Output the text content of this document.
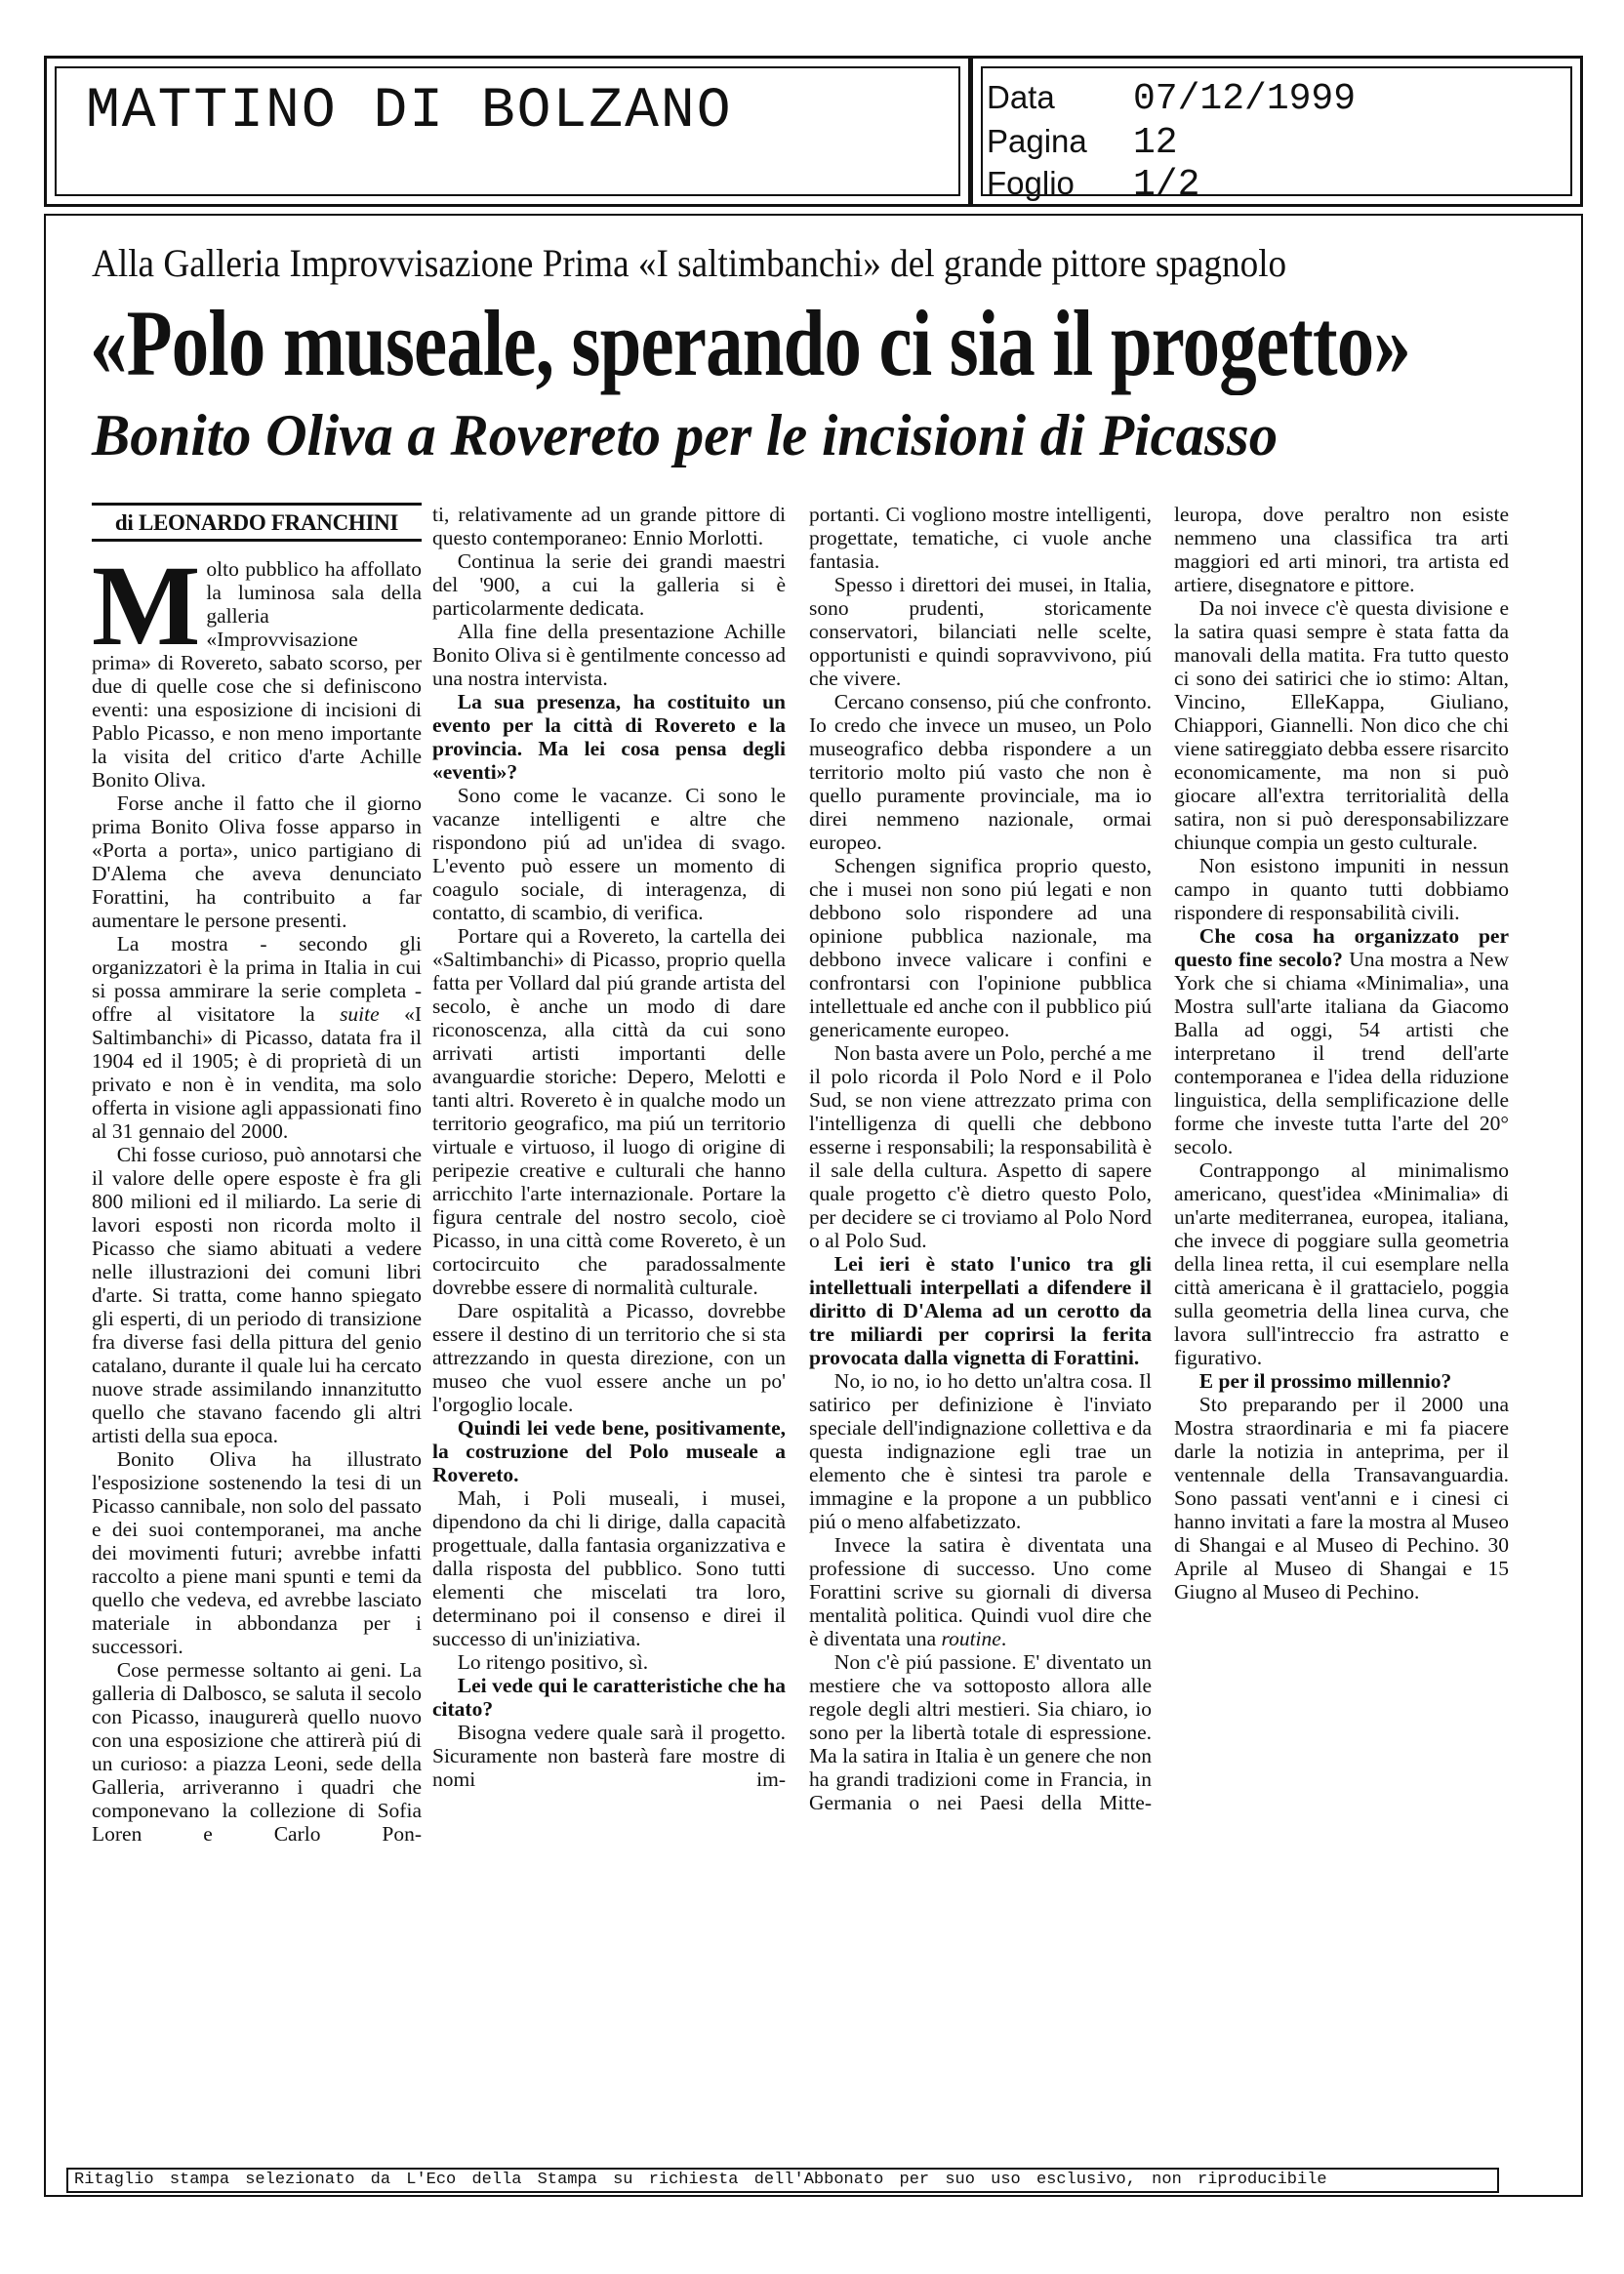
MATTINO DI BOLZANO	Data 07/12/1999
Pagina 12
Foglio 1/2
Alla Galleria Improvvisazione Prima «I saltimbanchi» del grande pittore spagnolo
«Polo museale, sperando ci sia il progetto»
Bonito Oliva a Rovereto per le incisioni di Picasso
di LEONARDO FRANCHINI
M olto pubblico ha affollato la luminosa sala della galleria «Improvvisazione prima» di Rovereto, sabato scorso, per due di quelle cose che si definiscono eventi: una esposizione di incisioni di Pablo Picasso, e non meno importante la visita del critico d'arte Achille Bonito Oliva.

Forse anche il fatto che il giorno prima Bonito Oliva fosse apparso in «Porta a porta», unico partigiano di D'Alema che aveva denunciato Forattini, ha contribuito a far aumentare le persone presenti.

La mostra - secondo gli organizzatori è la prima in Italia in cui si possa ammirare la serie completa - offre al visitatore la suite «I Saltimbanchi» di Picasso, datata fra il 1904 ed il 1905; è di proprietà di un privato e non è in vendita, ma solo offerta in visione agli appassionati fino al 31 gennaio del 2000.

Chi fosse curioso, può annotarsi che il valore delle opere esposte è fra gli 800 milioni ed il miliardo. La serie di lavori esposti non ricorda molto il Picasso che siamo abituati a vedere nelle illustrazioni dei comuni libri d'arte. Si tratta, come hanno spiegato gli esperti, di un periodo di transizione fra diverse fasi della pittura del genio catalano, durante il quale lui ha cercato nuove strade assimilando innanzitutto quello che stavano facendo gli altri artisti della sua epoca.

Bonito Oliva ha illustrato l'esposizione sostenendo la tesi di un Picasso cannibale, non solo del passato e dei suoi contemporanei, ma anche dei movimenti futuri; avrebbe infatti raccolto a piene mani spunti e temi da quello che vedeva, ed avrebbe lasciato materiale in abbondanza per i successori.

Cose permesse soltanto ai geni. La galleria di Dalbosco, se saluta il secolo con Picasso, inaugurerà quello nuovo con una esposizione che attirerà piú di un curioso: a piazza Leoni, sede della Galleria, arriveranno i quadri che componevano la collezione di Sofia Loren e Carlo Pon-

ti, relativamente ad un grande pittore di questo contemporaneo: Ennio Morlotti.

Continua la serie dei grandi maestri del '900, a cui la galleria si è particolarmente dedicata.

Alla fine della presentazione Achille Bonito Oliva si è gentilmente concesso ad una nostra intervista.

La sua presenza, ha costituito un evento per la città di Rovereto e la provincia. Ma lei cosa pensa degli «eventi»?

Sono come le vacanze. Ci sono le vacanze intelligenti e altre che rispondono piú ad un'idea di svago. L'evento può essere un momento di coagulo sociale, di interagenza, di contatto, di scambio, di verifica.

Portare qui a Rovereto, la cartella dei «Saltimbanchi» di Picasso, proprio quella fatta per Vollard dal piú grande artista del secolo, è anche un modo di dare riconoscenza, alla città da cui sono arrivati artisti importanti delle avanguardie storiche: Depero, Melotti e tanti altri. Rovereto è in qualche modo un territorio geografico, ma piú un territorio virtuale e virtuoso, il luogo di origine di peripezie creative e culturali che hanno arricchito l'arte internazionale. Portare la figura centrale del nostro secolo, cioè Picasso, in una città come Rovereto, è un cortocircuito che paradossalmente dovrebbe essere di normalità culturale.

Dare ospitalità a Picasso, dovrebbe essere il destino di un territorio che si sta attrezzando in questa direzione, con un museo che vuol essere anche un po' l'orgoglio locale.

Quindi lei vede bene, positivamente, la costruzione del Polo museale a Rovereto.

Mah, i Poli museali, i musei, dipendono da chi li dirige, dalla capacità progettuale, dalla fantasia organizzativa e dalla risposta del pubblico. Sono tutti elementi che miscelati tra loro, determinano poi il consenso e direi il successo di un'iniziativa.

Lo ritengo positivo, sì.

Lei vede qui le caratteristiche che ha citato?

Bisogna vedere quale sarà il progetto. Sicuramente non basterà fare mostre di nomi im-

portanti. Ci vogliono mostre intelligenti, progettate, tematiche, ci vuole anche fantasia.

Spesso i direttori dei musei, in Italia, sono prudenti, storicamente conservatori, bilanciati nelle scelte, opportunisti e quindi sopravvivono, piú che vivere.

Cercano consenso, piú che confronto. Io credo che invece un museo, un Polo museografico debba rispondere a un territorio molto piú vasto che non è quello puramente provinciale, ma io direi nemmeno nazionale, ormai europeo.

Schengen significa proprio questo, che i musei non sono piú legati e non debbono solo rispondere ad una opinione pubblica nazionale, ma debbono invece valicare i confini e confrontarsi con l'opinione pubblica intellettuale ed anche con il pubblico piú genericamente europeo.

Non basta avere un Polo, perché a me il polo ricorda il Polo Nord e il Polo Sud, se non viene attrezzato prima con l'intelligenza di quelli che debbono esserne i responsabili; la responsabilità è il sale della cultura. Aspetto di sapere quale progetto c'è dietro questo Polo, per decidere se ci troviamo al Polo Nord o al Polo Sud.

Lei ieri è stato l'unico tra gli intellettuali interpellati a difendere il diritto di D'Alema ad un cerotto da tre miliardi per coprirsi la ferita provocata dalla vignetta di Forattini.

No, io no, io ho detto un'altra cosa. Il satirico per definizione è l'inviato speciale dell'indignazione collettiva e da questa indignazione egli trae un elemento che è sintesi tra parole e immagine e la propone a un pubblico piú o meno alfabetizzato.

Invece la satira è diventata una professione di successo. Uno come Forattini scrive su giornali di diversa mentalità politica. Quindi vuol dire che è diventata una routine.

Non c'è piú passione. E' diventato un mestiere che va sottoposto allora alle regole degli altri mestieri. Sia chiaro, io sono per la libertà totale di espressione. Ma la satira in Italia è un genere che non ha grandi tradizioni come in Francia, in Germania o nei Paesi della Mitte-

leuropa, dove peraltro non esiste nemmeno una classifica tra arti maggiori ed arti minori, tra artista ed artiere, disegnatore e pittore.

Da noi invece c'è questa divisione e la satira quasi sempre è stata fatta da manovali della matita. Fra tutto questo ci sono dei satirici che io stimo: Altan, Vincino, ElleKappa, Giuliano, Chiappori, Giannelli. Non dico che chi viene satireggiato debba essere risarcito economicamente, ma non si può giocare all'extra territorialità della satira, non si può deresponsabilizzare chiunque compia un gesto culturale.

Non esistono impuniti in nessun campo in quanto tutti dobbiamo rispondere di responsabilità civili.

Che cosa ha organizzato per questo fine secolo? Una mostra a New York che si chiama «Minimalia», una Mostra sull'arte italiana da Giacomo Balla ad oggi, 54 artisti che interpretano il trend dell'arte contemporanea e l'idea della riduzione linguistica, della semplificazione delle forme che investe tutta l'arte del 20° secolo.

Contrappongo al minimalismo americano, quest'idea «Minimalia» di un'arte mediterranea, europea, italiana, che invece di poggiare sulla geometria della linea retta, il cui esemplare nella città americana è il grattacielo, poggia sulla geometria della linea curva, che lavora sull'intreccio fra astratto e figurativo.

E per il prossimo millennio?

Sto preparando per il 2000 una Mostra straordinaria e mi fa piacere darle la notizia in anteprima, per il ventennale della Transavanguardia. Sono passati vent'anni e i cinesi ci hanno invitati a fare la mostra al Museo di Shangai e al Museo di Pechino. 30 Aprile al Museo di Shangai e 15 Giugno al Museo di Pechino.

Ritaglio stampa selezionato da L'Eco della Stampa su richiesta dell'Abbonato per suo uso esclusivo, non riproducibile
